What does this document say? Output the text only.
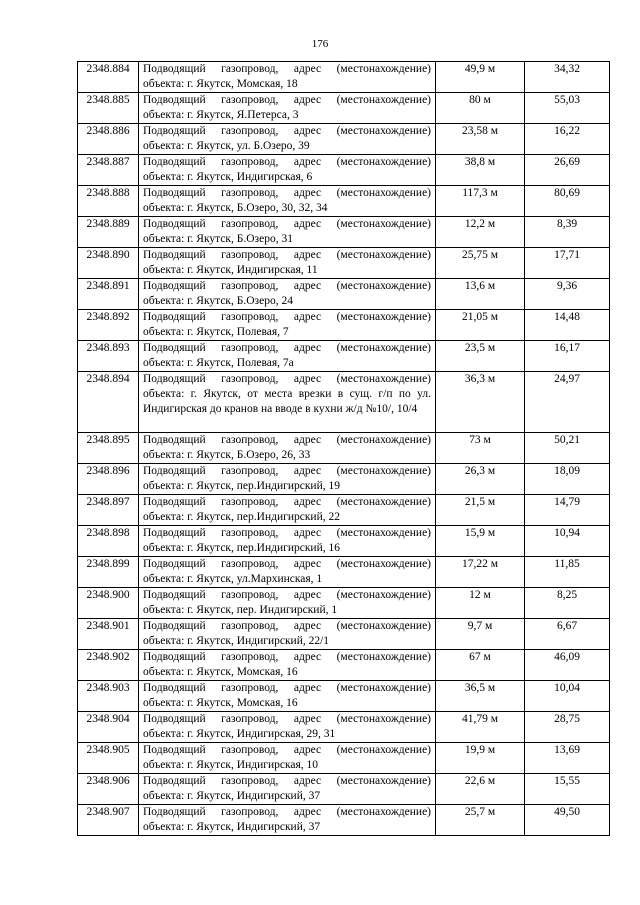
176
2348.884	Подводящий газопровод, адрес (местонахождение) объекта: г. Якутск, Момская, 18	49,9 м	34,32
2348.885	Подводящий газопровод, адрес (местонахождение) объекта: г. Якутск, Я.Петерса, 3	80 м	55,03
2348.886	Подводящий газопровод, адрес (местонахождение) объекта: г. Якутск, ул. Б.Озеро, 39	23,58 м	16,22
2348.887	Подводящий газопровод, адрес (местонахождение) объекта: г. Якутск, Индигирская, 6	38,8 м	26,69
2348.888	Подводящий газопровод, адрес (местонахождение) объекта: г. Якутск, Б.Озеро, 30, 32, 34	117,3 м	80,69
2348.889	Подводящий газопровод, адрес (местонахождение) объекта: г. Якутск, Б.Озеро, 31	12,2 м	8,39
2348.890	Подводящий газопровод, адрес (местонахождение) объекта: г. Якутск, Индигирская, 11	25,75 м	17,71
2348.891	Подводящий газопровод, адрес (местонахождение) объекта: г. Якутск, Б.Озеро, 24	13,6 м	9,36
2348.892	Подводящий газопровод, адрес (местонахождение) объекта: г. Якутск, Полевая, 7	21,05 м	14,48
2348.893	Подводящий газопровод, адрес (местонахождение) объекта: г. Якутск, Полевая, 7а	23,5 м	16,17
2348.894	Подводящий газопровод, адрес (местонахождение) объекта: г. Якутск, от места врезки в сущ. г/п по ул. Индигирская до кранов на вводе в кухни ж/д №10/, 10/4	36,3 м	24,97
2348.895	Подводящий газопровод, адрес (местонахождение) объекта: г. Якутск, Б.Озеро, 26, 33	73 м	50,21
2348.896	Подводящий газопровод, адрес (местонахождение) объекта: г. Якутск, пер.Индигирский, 19	26,3 м	18,09
2348.897	Подводящий газопровод, адрес (местонахождение) объекта: г. Якутск, пер.Индигирский, 22	21,5 м	14,79
2348.898	Подводящий газопровод, адрес (местонахождение) объекта: г. Якутск, пер.Индигирский, 16	15,9 м	10,94
2348.899	Подводящий газопровод, адрес (местонахождение) объекта: г. Якутск, ул.Мархинская, 1	17,22 м	11,85
2348.900	Подводящий газопровод, адрес (местонахождение) объекта: г. Якутск, пер. Индигирский, 1	12 м	8,25
2348.901	Подводящий газопровод, адрес (местонахождение) объекта: г. Якутск, Индигирский, 22/1	9,7 м	6,67
2348.902	Подводящий газопровод, адрес (местонахождение) объекта: г. Якутск, Момская, 16	67 м	46,09
2348.903	Подводящий газопровод, адрес (местонахождение) объекта: г. Якутск, Момская, 16	36,5 м	10,04
2348.904	Подводящий газопровод, адрес (местонахождение) объекта: г. Якутск, Индигирская, 29, 31	41,79 м	28,75
2348.905	Подводящий газопровод, адрес (местонахождение) объекта: г. Якутск, Индигирская, 10	19,9 м	13,69
2348.906	Подводящий газопровод, адрес (местонахождение) объекта: г. Якутск, Индигирский, 37	22,6 м	15,55
2348.907	Подводящий газопровод, адрес (местонахождение) объекта: г. Якутск, Индигирский, 37	25,7 м	49,50
